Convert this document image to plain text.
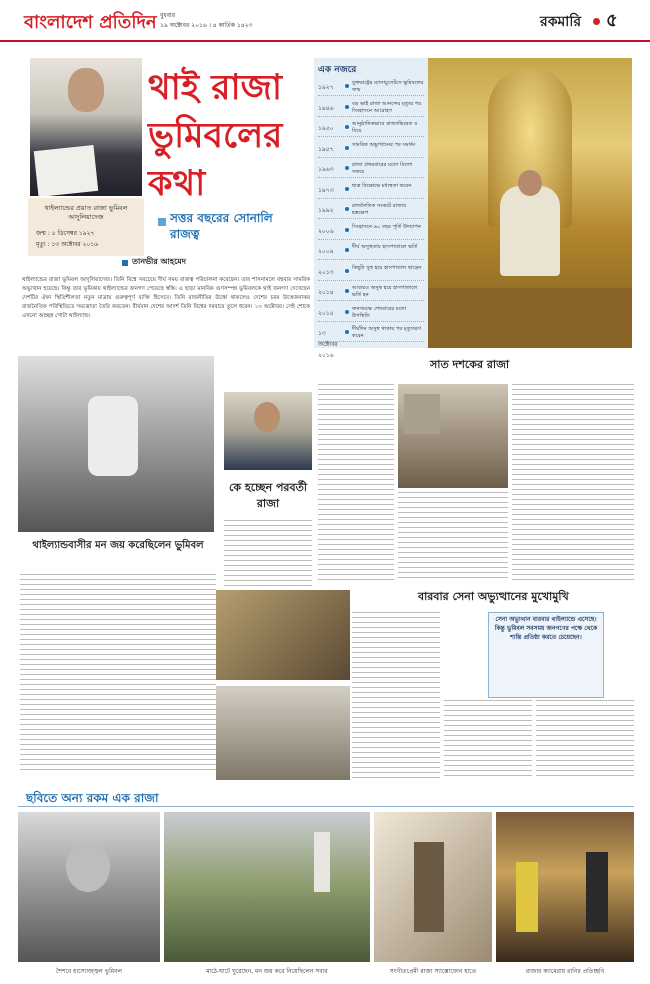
বাংলাদেশ প্রতিদিন বুধবার
১৯ অক্টোবর ২০১৬ । ৪ কার্তিক ১৪২৩	রকমারি ৫
থাইল্যান্ডের প্রয়াত রাজা ভুমিবল আদুলিয়াদেজ
জন্ম : ৫ ডিসেম্বর ১৯২৭
মৃত্যু : ১৩ অক্টোবর ২০১৬
থাই রাজা ভুমিবলের কথা
সত্তর বছরের সোনালি রাজত্ব
তানভীর আহমেদ
থাইল্যান্ডের রাজা ভুমিবল আদুলিয়াদেজ। তিনি বিশ্বে সবচেয়ে দীর্ঘ সময় রাজত্ব পরিচালনা করেছেন। তার শাসনামলে বহুবার সামরিক অভ্যুত্থান হয়েছে। কিন্তু তার ভূমিকায় থাইল্যান্ডের জনগণ পেয়েছে স্বস্তি। এ ছাড়া মানবিক গুণসম্পন্ন ভুমিবলকে থাই জনগণ দেখেছেন দেশটির ঐক্য স্থিতিশীলতা নতুন মাত্রায় গুরুত্বপূর্ণ ব্যক্তি হিসেবে। তিনি রাজনীতির ঊর্ধ্বে থাকলেও দেশের চরম উত্তেজনাকর রাজনৈতিক পরিস্থিতিতে সমঝোতা তৈরি করতেন। বীর্যবান দেশের আদর্শ তিনি বিশ্বের দরবারে তুলে ধরেন। ১৩ অক্টোবর। সেই শোকে এখনো আচ্ছন্ন গোটা থাইল্যান্ড।
এক নজরে
১৯২৭
যুক্তরাষ্ট্রের ম্যাসাচুসেটসে ভুমিবলের জন্ম
১৯৪৬
বড় ভাই রাজা আনন্দের মৃত্যুর পর সিংহাসনে আরোহণ
১৯৫০
আনুষ্ঠানিকভাবে রাজ্যাভিষেক ও বিয়ে
১৯৫৭
সামরিক অভ্যুত্থানের পর সমর্থন
১৯৬৩
রাজা প্রথমবারের মতো বিদেশ সফরে
১৯৭৩
ছাত্র বিক্ষোভে মধ্যস্থতা করেন
১৯৯২
রাজনৈতিক সংকটে রাজার হস্তক্ষেপ
২০০৬
সিংহাসনে ৬০ বছর পূর্তি উদযাপন
২০০৯
দীর্ঘ অসুস্থতায় হাসপাতালে ভর্তি
২০১৩
কিছুটা সুস্থ হয়ে হাসপাতাল ছাড়েন
২০১৪
আবারও অসুস্থ হয়ে হাসপাতালে ভর্তি হন
২০১৫
জনসমক্ষে শেষবারের মতো উপস্থিতি
১৩ অক্টোবর ২০১৬
দীর্ঘদিন অসুস্থ থাকার পর মৃত্যুবরণ করেন
থাইল্যান্ডবাসীর মন জয় করেছিলেন ভুমিবল
কে হচ্ছেন পরবর্তী রাজা
সাত দশকের রাজা
বারবার সেনা অভ্যুত্থানের মুখোমুখি
সেনা অভ্যুত্থান বারবার থাইল্যান্ডে এসেছে। কিন্তু ভুমিবল সবসময় জনগণের পক্ষে থেকে শান্তি প্রতিষ্ঠা করতে চেয়েছেন।
ছবিতে অন্য রকম এক রাজা
শৈশবে হাস্যোজ্জ্বল ভুমিবল	মাঠে-ঘাটে ঘুরেছেন, মন জয় করে নিয়েছিলেন সবার	সংগীতপ্রেমী রাজা স্যাক্সোফোন হাতে	রাজার ক্যামেরায় রানির প্রতিচ্ছবি
